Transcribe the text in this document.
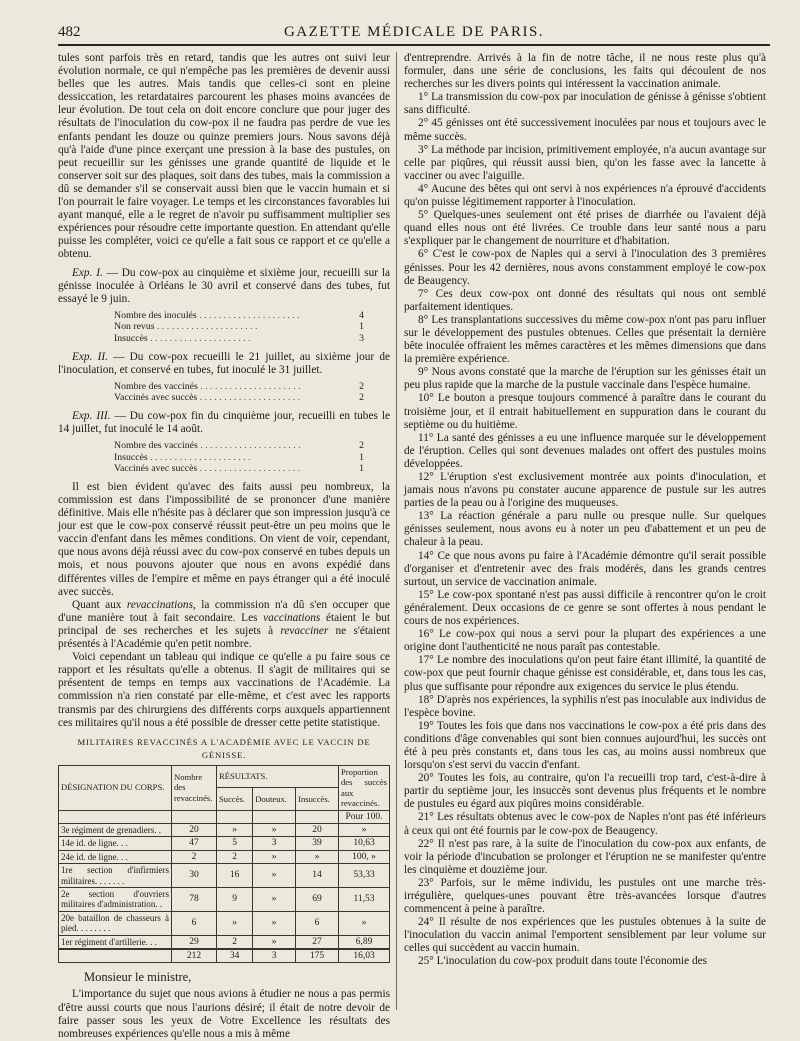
482	GAZETTE MÉDICALE DE PARIS.

tules sont parfois très en retard, tandis que les autres ont suivi leur évolution normale, ce qui n'empêche pas les premières de devenir aussi belles que les autres. Mais tandis que celles-ci sont en pleine dessiccation, les retardataires parcourent les phases moins avancées de leur évolution. De tout cela on doit encore conclure que pour juger des résultats de l'inoculation du cow-pox il ne faudra pas perdre de vue les enfants pendant les douze ou quinze premiers jours. Nous savons déjà qu'à l'aide d'une pince exerçant une pression à la base des pustules, on peut recueillir sur les génisses une grande quantité de liquide et le conserver soit sur des plaques, soit dans des tubes, mais la commission a dû se demander s'il se conservait aussi bien que le vaccin humain et si l'on pourrait le faire voyager. Le temps et les circonstances favorables lui ayant manqué, elle a le regret de n'avoir pu suffisamment multiplier ses expériences pour résoudre cette importante question. En attendant qu'elle puisse les compléter, voici ce qu'elle a fait sous ce rapport et ce qu'elle a obtenu.

Exp. I. — Du cow-pox au cinquième et sixième jour, recueilli sur la génisse inoculée à Orléans le 30 avril et conservé dans des tubes, fut essayé le 9 juin.

Nombre des inoculés . . .	4
Non revus . . .	1
Insuccès . . .	3

Exp. II. — Du cow-pox recueilli le 21 juillet, au sixième jour de l'inoculation, et conservé en tubes, fut inoculé le 31 juillet.

Nombre des vaccinés . . .	2
Vaccinés avec succès . . .	2

Exp. III. — Du cow-pox fin du cinquième jour, recueilli en tubes le 14 juillet, fut inoculé le 14 août.

Nombre des vaccinés . . .	2
Insuccès . . .	1
Vaccinés avec succès . . .	1

Il est bien évident qu'avec des faits aussi peu nombreux, la commission est dans l'impossibilité de se prononcer d'une manière définitive. Mais elle n'hésite pas à déclarer que son impression jusqu'à ce jour est que le cow-pox conservé réussit peut-être un peu moins que le vaccin d'enfant dans les mêmes conditions. On vient de voir, cependant, que nous avons déjà réussi avec du cow-pox conservé en tubes depuis un mois, et nous pouvons ajouter que nous en avons expédié dans différentes villes de l'empire et même en pays étranger qui a été inoculé avec succès.

Quant aux revaccinations, la commission n'a dû s'en occuper que d'une manière tout à fait secondaire. Les vaccinations étaient le but principal de ses recherches et les sujets à revacciner ne s'étaient présentés à l'Académie qu'en petit nombre.

Voici cependant un tableau qui indique ce qu'elle a pu faire sous ce rapport et les résultats qu'elle a obtenus. Il s'agit de militaires qui se présentent de temps en temps aux vaccinations de l'Académie. La commission n'a rien constaté par elle-même, et c'est avec les rapports transmis par des chirurgiens des différents corps auxquels appartiennent ces militaires qu'il nous a été possible de dresser cette petite statistique.

MILITAIRES REVACCINÉS A L'ACADÉMIE AVEC LE VACCIN DE GÉNISSE.
DÉSIGNATION DU CORPS.	Nombre des revaccinés.	RÉSULTATS.			Proportion des succès aux revaccinés.
		Succès.	Douteux.	Insuccès.	
					Pour 100.
3e régiment de grenadiers. .	20	»	»	20	»
14e id. de ligne. . .	47	5	3	39	10,63
24e id. de ligne. . .	2	2	»	»	100, »
1re section d'infirmiers militaires. . . . . . .	30	16	»	14	53,33
2e section d'ouvriers militaires d'administration. .	78	9	»	69	11,53
20e bataillon de chasseurs à pied. . . . . . . .	6	»	»	6	»
1er régiment d'artillerie. . .	29	2	»	27	6,89
	212	34	3	175	16,03
Monsieur le ministre,

L'importance du sujet que nous avions à étudier ne nous a pas permis d'être aussi courts que nous l'aurions désiré; il était de notre devoir de faire passer sous les yeux de Votre Excellence les résultats des nombreuses expériences qu'elle nous a mis à même

d'entreprendre. Arrivés à la fin de notre tâche, il ne nous reste plus qu'à formuler, dans une série de conclusions, les faits qui découlent de nos recherches sur les divers points qui intéressent la vaccination animale.

1° La transmission du cow-pox par inoculation de génisse à génisse s'obtient sans difficulté.

2° 45 génisses ont été successivement inoculées par nous et toujours avec le même succès.

3° La méthode par incision, primitivement employée, n'a aucun avantage sur celle par piqûres, qui réussit aussi bien, qu'on les fasse avec la lancette à vacciner ou avec l'aiguille.

4° Aucune des bêtes qui ont servi à nos expériences n'a éprouvé d'accidents qu'on puisse légitimement rapporter à l'inoculation.

5° Quelques-unes seulement ont été prises de diarrhée ou l'avaient déjà quand elles nous ont été livrées. Ce trouble dans leur santé nous a paru s'expliquer par le changement de nourriture et d'habitation.

6° C'est le cow-pox de Naples qui a servi à l'inoculation des 3 premières génisses. Pour les 42 dernières, nous avons constamment employé le cow-pox de Beaugency.

7° Ces deux cow-pox ont donné des résultats qui nous ont semblé parfaitement identiques.

8° Les transplantations successives du même cow-pox n'ont pas paru influer sur le développement des pustules obtenues. Celles que présentait la dernière bête inoculée offraient les mêmes caractères et les mêmes dimensions que dans la première expérience.

9° Nous avons constaté que la marche de l'éruption sur les génisses était un peu plus rapide que la marche de la pustule vaccinale dans l'espèce humaine.

10° Le bouton a presque toujours commencé à paraître dans le courant du troisième jour, et il entrait habituellement en suppuration dans le courant du septième ou du huitième.

11° La santé des génisses a eu une influence marquée sur le développement de l'éruption. Celles qui sont devenues malades ont offert des pustules moins développées.

12° L'éruption s'est exclusivement montrée aux points d'inoculation, et jamais nous n'avons pu constater aucune apparence de pustule sur les autres parties de la peau ou à l'origine des muqueuses.

13° La réaction générale a paru nulle ou presque nulle. Sur quelques génisses seulement, nous avons eu à noter un peu d'abattement et un peu de chaleur à la peau.

14° Ce que nous avons pu faire à l'Académie démontre qu'il serait possible d'organiser et d'entretenir avec des frais modérés, dans les grands centres surtout, un service de vaccination animale.

15° Le cow-pox spontané n'est pas aussi difficile à rencontrer qu'on le croit généralement. Deux occasions de ce genre se sont offertes à nous pendant le cours de nos expériences.

16° Le cow-pox qui nous a servi pour la plupart des expériences a une origine dont l'authenticité ne nous paraît pas contestable.

17° Le nombre des inoculations qu'on peut faire étant illimité, la quantité de cow-pox que peut fournir chaque génisse est considérable, et, dans tous les cas, plus que suffisante pour répondre aux exigences du service le plus étendu.

18° D'après nos expériences, la syphilis n'est pas inoculable aux individus de l'espèce bovine.

19° Toutes les fois que dans nos vaccinations le cow-pox a été pris dans des conditions d'âge convenables qui sont bien connues aujourd'hui, les succès ont été à peu près constants et, dans tous les cas, au moins aussi nombreux que lorsqu'on s'est servi du vaccin d'enfant.

20° Toutes les fois, au contraire, qu'on l'a recueilli trop tard, c'est-à-dire à partir du septième jour, les insuccès sont devenus plus fréquents et le nombre de pustules eu égard aux piqûres moins considérable.

21° Les résultats obtenus avec le cow-pox de Naples n'ont pas été inférieurs à ceux qui ont été fournis par le cow-pox de Beaugency.

22° Il n'est pas rare, à la suite de l'inoculation du cow-pox aux enfants, de voir la période d'incubation se prolonger et l'éruption ne se manifester qu'entre les cinquième et douzième jour.

23° Parfois, sur le même individu, les pustules ont une marche très-irrégulière, quelques-unes pouvant être très-avancées lorsque d'autres commencent à peine à paraître.

24° Il résulte de nos expériences que les pustules obtenues à la suite de l'inoculation du vaccin animal l'emportent sensiblement par leur volume sur celles qui succèdent au vaccin humain.

25° L'inoculation du cow-pox produit dans toute l'économie des
